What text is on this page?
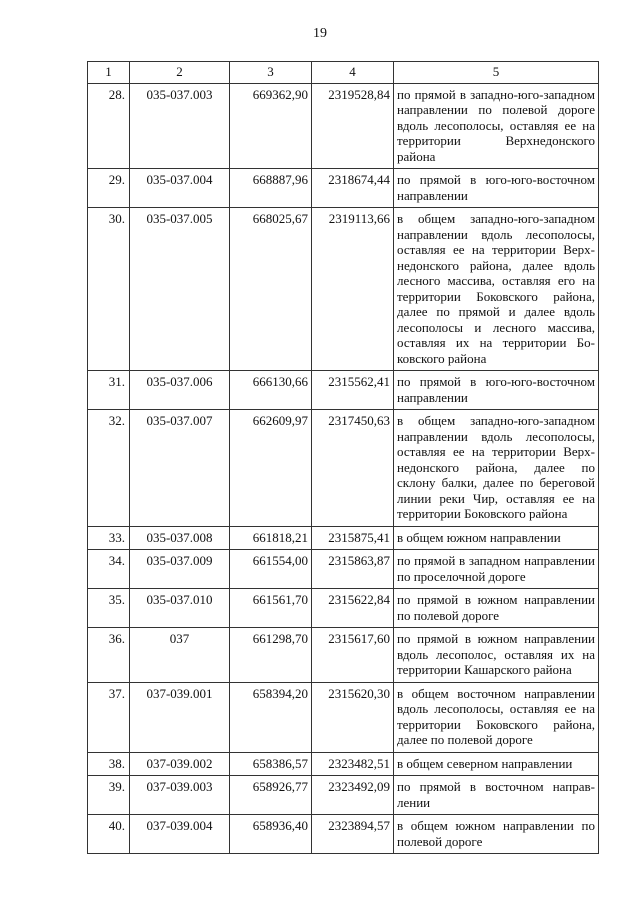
19
1	2	3	4	5
28.	035-037.003	669362,90	2319528,84	по прямой в западно-юго-западном направлении по полевой дороге вдоль лесополосы, оставляя ее на территории Верхнедонского района
29.	035-037.004	668887,96	2318674,44	по прямой в юго-юго-восточном направлении
30.	035-037.005	668025,67	2319113,66	в общем западно-юго-западном направлении вдоль лесополосы, оставляя ее на территории Верхнедонского района, далее вдоль лесного массива, оставляя его на территории Боковского района, далее по прямой и далее вдоль лесополосы и лесного массива, оставляя их на территории Боковского района
31.	035-037.006	666130,66	2315562,41	по прямой в юго-юго-восточном направлении
32.	035-037.007	662609,97	2317450,63	в общем западно-юго-западном направлении вдоль лесополосы, оставляя ее на территории Верхнедонского района, далее по склону балки, далее по береговой линии реки Чир, оставляя ее на территории Боковского района
33.	035-037.008	661818,21	2315875,41	в общем южном направлении
34.	035-037.009	661554,00	2315863,87	по прямой в западном направлении по проселочной дороге
35.	035-037.010	661561,70	2315622,84	по прямой в южном направлении по полевой дороге
36.	037	661298,70	2315617,60	по прямой в южном направлении вдоль лесополос, оставляя их на территории Кашарского района
37.	037-039.001	658394,20	2315620,30	в общем восточном направлении вдоль лесополосы, оставляя ее на территории Боковского района, далее по полевой дороге
38.	037-039.002	658386,57	2323482,51	в общем северном направлении
39.	037-039.003	658926,77	2323492,09	по прямой в восточном направлении
40.	037-039.004	658936,40	2323894,57	в общем южном направлении по полевой дороге
